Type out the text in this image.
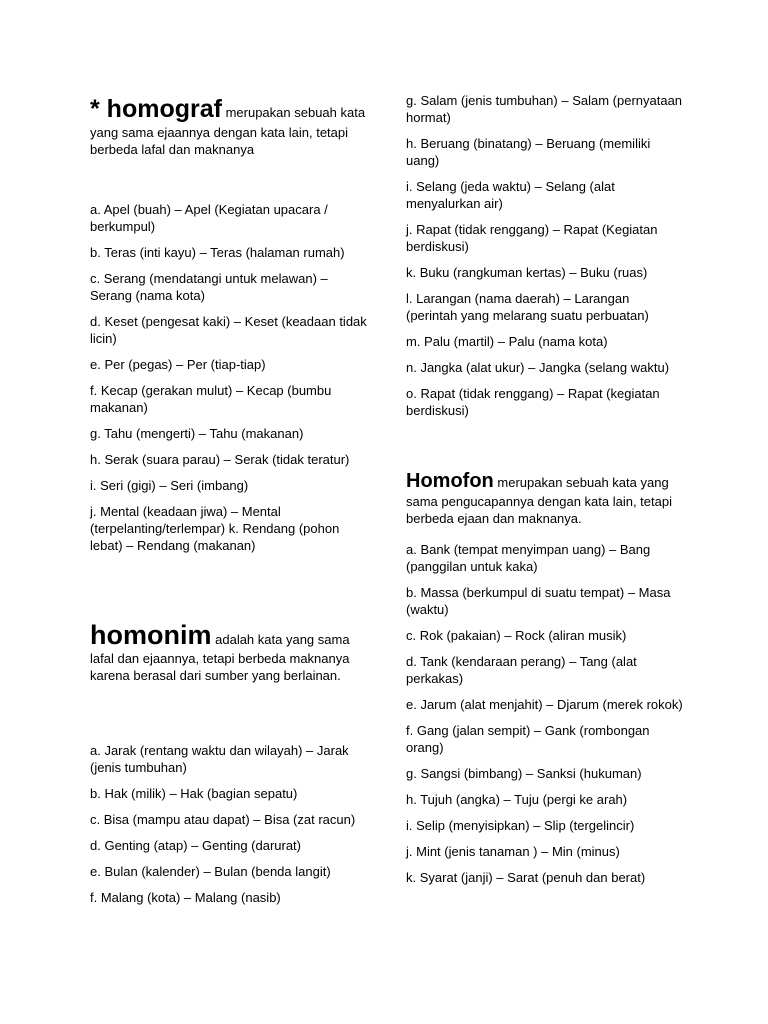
* homograf merupakan sebuah kata yang sama ejaannya dengan kata lain, tetapi berbeda lafal dan maknanya

a. Apel (buah) – Apel (Kegiatan upacara / berkumpul)
b. Teras (inti kayu) – Teras (halaman rumah)
c. Serang (mendatangi untuk melawan) – Serang (nama kota)
d. Keset (pengesat kaki) – Keset (keadaan tidak licin)
e. Per (pegas) – Per (tiap-tiap)
f. Kecap (gerakan mulut) – Kecap (bumbu makanan)
g. Tahu (mengerti) – Tahu (makanan)
h. Serak (suara parau) – Serak (tidak teratur)
i. Seri (gigi) – Seri (imbang)
j. Mental (keadaan jiwa) – Mental (terpelanting/terlempar) k. Rendang (pohon lebat) – Rendang (makanan)

homonim adalah kata yang sama lafal dan ejaannya, tetapi berbeda maknanya karena berasal dari sumber yang berlainan.

a. Jarak (rentang waktu dan wilayah) – Jarak (jenis tumbuhan)
b. Hak (milik) – Hak (bagian sepatu)
c. Bisa (mampu atau dapat) – Bisa (zat racun)
d. Genting (atap) – Genting (darurat)
e. Bulan (kalender) – Bulan (benda langit)
f. Malang (kota) – Malang (nasib)
g. Salam (jenis tumbuhan) – Salam (pernyataan hormat)
h. Beruang (binatang) – Beruang (memiliki uang)
i. Selang (jeda waktu) – Selang (alat menyalurkan air)
j. Rapat (tidak renggang) – Rapat (Kegiatan berdiskusi)
k. Buku (rangkuman kertas) – Buku (ruas)
l. Larangan (nama daerah) – Larangan (perintah yang melarang suatu perbuatan)
m. Palu (martil) – Palu (nama kota)
n. Jangka (alat ukur) – Jangka (selang waktu)
o. Rapat (tidak renggang) – Rapat (kegiatan berdiskusi)

Homofon merupakan sebuah kata yang sama pengucapannya dengan kata lain, tetapi berbeda ejaan dan maknanya.

a. Bank (tempat menyimpan uang) – Bang (panggilan untuk kaka)
b. Massa (berkumpul di suatu tempat) – Masa (waktu)
c. Rok (pakaian) – Rock (aliran musik)
d. Tank (kendaraan perang) – Tang (alat perkakas)
e. Jarum (alat menjahit) – Djarum (merek rokok)
f. Gang (jalan sempit) – Gank (rombongan orang)
g. Sangsi (bimbang) – Sanksi (hukuman)
h. Tujuh (angka) – Tuju (pergi ke arah)
i. Selip (menyisipkan) – Slip (tergelincir)
j. Mint (jenis tanaman ) – Min (minus)
k. Syarat (janji) – Sarat (penuh dan berat)
